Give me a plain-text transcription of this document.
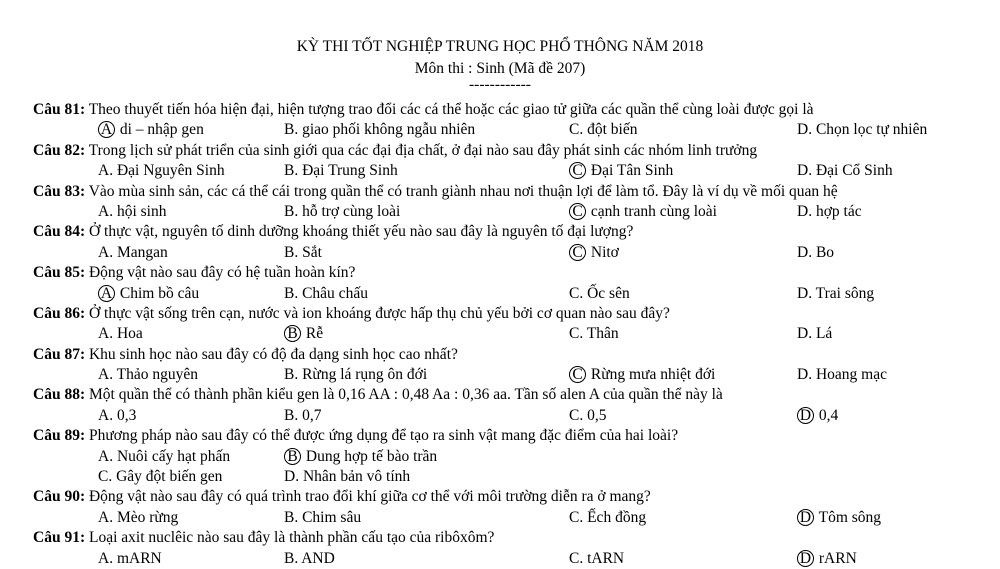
KỲ THI TỐT NGHIỆP TRUNG HỌC PHỔ THÔNG NĂM 2018
Môn thi : Sinh (Mã đề 207)
------------
Câu 81: Theo thuyết tiến hóa hiện đại, hiện tượng trao đổi các cá thể hoặc các giao tử giữa các quần thể cùng loài được gọi là
A di – nhập gen	B. giao phối không ngẫu nhiên	C. đột biến	D. Chọn lọc tự nhiên
Câu 82: Trong lịch sử phát triển của sinh giới qua các đại địa chất, ở đại nào sau đây phát sinh các nhóm linh trưởng
A. Đại Nguyên Sinh	B. Đại Trung Sinh	C Đại Tân Sinh	D. Đại Cổ Sinh
Câu 83: Vào mùa sinh sản, các cá thể cái trong quần thể có tranh giành nhau nơi thuận lợi để làm tổ. Đây là ví dụ về mối quan hệ
A. hội sinh	B. hỗ trợ cùng loài	C cạnh tranh cùng loài	D. hợp tác
Câu 84: Ở thực vật, nguyên tố dinh dưỡng khoáng thiết yếu nào sau đây là nguyên tố đại lượng?
A. Mangan	B. Sắt	C Nitơ	D. Bo
Câu 85: Động vật nào sau đây có hệ tuần hoàn kín?
A Chim bồ câu	B. Châu chấu	C. Ốc sên	D. Trai sông
Câu 86: Ở thực vật sống trên cạn, nước và ion khoáng được hấp thụ chủ yếu bởi cơ quan nào sau đây?
A. Hoa	B Rễ	C. Thân	D. Lá
Câu 87: Khu sinh học nào sau đây có độ đa dạng sinh học cao nhất?
A. Thảo nguyên	B. Rừng lá rụng ôn đới	C Rừng mưa nhiệt đới	D. Hoang mạc
Câu 88: Một quần thể có thành phần kiểu gen là 0,16 AA : 0,48 Aa : 0,36 aa. Tần số alen A của quần thể này là
A. 0,3	B. 0,7	C. 0,5	D 0,4
Câu 89: Phương pháp nào sau đây có thể được ứng dụng để tạo ra sinh vật mang đặc điểm của hai loài?
A. Nuôi cấy hạt phấn	B Dung hợp tế bào trần
C. Gây đột biến gen	D. Nhân bản vô tính
Câu 90: Động vật nào sau đây có quá trình trao đổi khí giữa cơ thể với môi trường diễn ra ở mang?
A. Mèo rừng	B. Chim sâu	C. Ếch đồng	D Tôm sông
Câu 91: Loại axit nuclêic nào sau đây là thành phần cấu tạo của ribôxôm?
A. mARN	B. AND	C. tARN	D rARN
